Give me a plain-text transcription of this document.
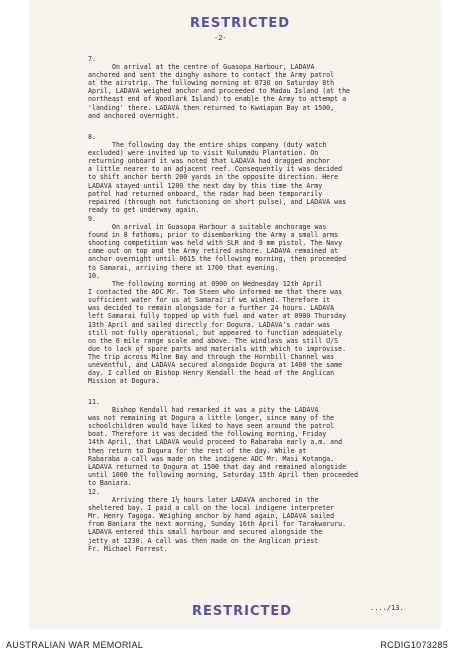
RESTRICTED
-2-
7.
On arrival at the centre of Guasopa Harbour, LADAVA
anchored and sent the dinghy ashore to contact the Army patrol
at the airstrip. The following morning at 0730 on Saturday 8th
April, LADAVA weighed anchor and proceeded to Madau Island (at the
northeast end of Woodlark Island) to enable the Army to attempt a
'landing' there. LADAVA then returned to Kwaiapan Bay at 1500,
and anchored overnight.
8.
The following day the entire ships company (duty watch
excluded) were invited up to visit Kulumadu Plantation. On
returning onboard it was noted that LADAVA had dragged anchor
a little nearer to an adjacent reef. Consequently it was decided
to shift anchor berth 200 yards in the opposite direction. Here
LADAVA stayed until 1200 the next day by this time the Army
patrol had returned onboard, the radar had been temporarily
repaired (through not functioning on short pulse), and LADAVA was
ready to get underway again.
9.
On arrival in Guasopa Harbour a suitable anchorage was
found in 8 fathoms; prior to disembarking the Army a small arms
shooting competition was held with SLR and 9 mm pistol. The Navy
came out on top and the Army retired ashore. LADAVA remained at
anchor overnight until 0615 the following morning, then proceeded
to Samarai, arriving there at 1700 that evening.
10.
The following morning at 0900 on Wednesday 12th April
I contacted the ADC Mr. Tom Steen who informed me that there was
sufficient water for us at Samarai if we wished. Therefore it
was decided to remain alongside for a further 24 hours. LADAVA
left Samarai fully topped up with fuel and water at 0900 Thursday
13th April and sailed directly for Dogura. LADAVA's radar was
still not fully operational, but appeared to function adequately
on the 6 mile range scale and above. The windlass was still U/S
due to lack of spare parts and materials with which to improvise.
The trip across Milne Bay and through the Hornbill Channel was
uneventful, and LADAVA secured alongside Dogura at 1400 the same
day. I called on Bishop Henry Kendall the head of the Anglican
Mission at Dogura.
11.
Bishop Kendall had remarked it was a pity the LADAVA
was not remaining at Dogura a little longer, since many of the
schoolchildren would have liked to have seen around the patrol
boat. Therefore it was decided the following morning, Friday
14th April, that LADAVA would proceed to Rabaraba early a.m. and
then return to Dogura for the rest of the day. While at
Rabaraba a call was made on the indigene ADC Mr. Masi Kotanga.
LADAVA returned to Dogura at 1500 that day and remained alongside
until 1000 the following morning, Saturday 15th April then proceeded
to Baniara.
12.
Arriving there 1½ hours later LADAVA anchored in the
sheltered bay. I paid a call on the local indigene interpreter
Mr. Henry Tagoga. Weighing anchor by hand again, LADAVA sailed
from Baniara the next morning, Sunday 16th April for Tarakwaruru.
LADAVA entered this small harbour and secured alongside the
jetty at 1230. A call was then made on the Anglican priest
Fr. Michael Forrest.
RESTRICTED	..../13.
AUSTRALIAN WAR MEMORIAL	RCDIG1073285
